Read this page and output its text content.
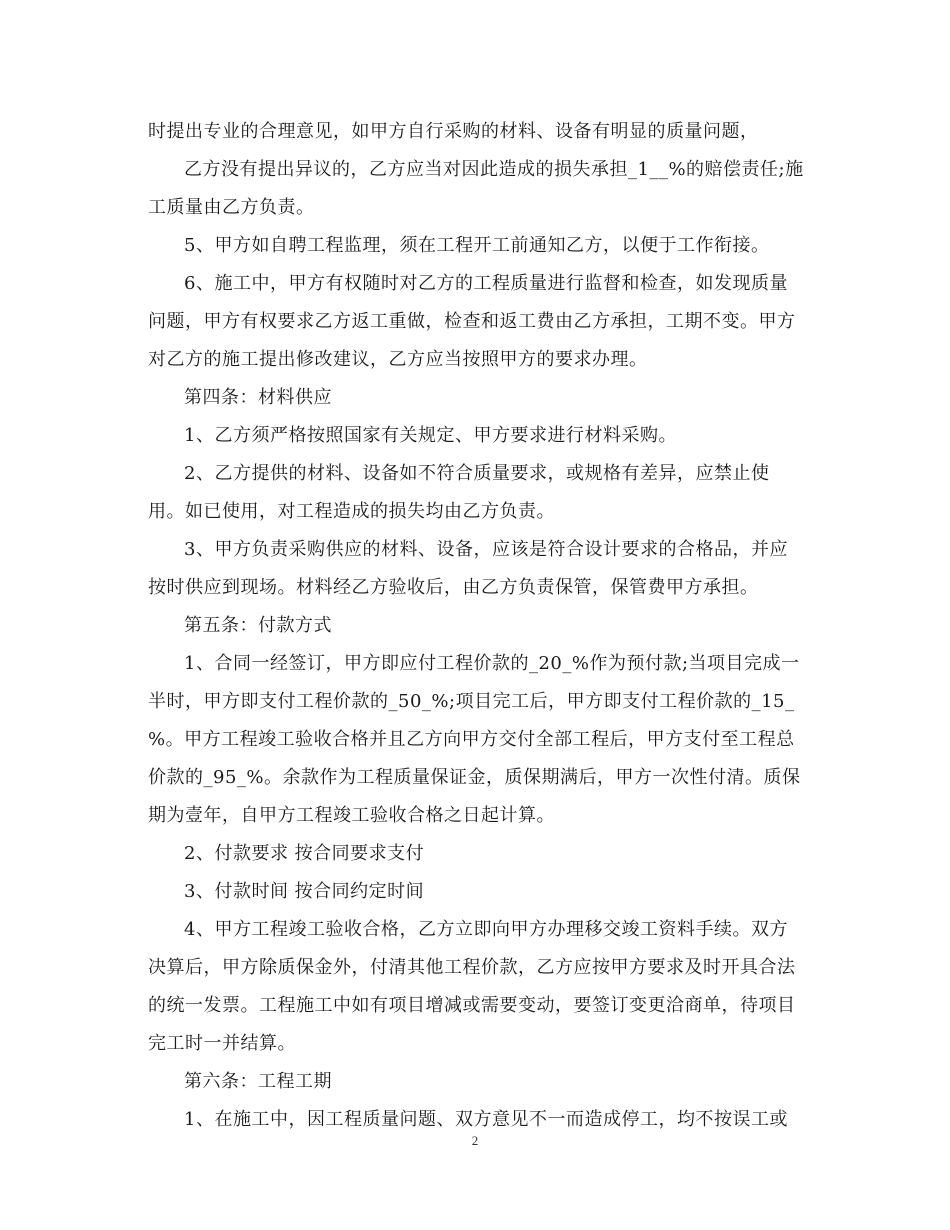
时提出专业的合理意见，如甲方自行采购的材料、设备有明显的质量问题，
乙方没有提出异议的，乙方应当对因此造成的损失承担_1__%的赔偿责任;施
工质量由乙方负责。
5、甲方如自聘工程监理，须在工程开工前通知乙方，以便于工作衔接。
6、施工中，甲方有权随时对乙方的工程质量进行监督和检查，如发现质量
问题，甲方有权要求乙方返工重做，检查和返工费由乙方承担，工期不变。甲方
对乙方的施工提出修改建议，乙方应当按照甲方的要求办理。
第四条：材料供应
1、乙方须严格按照国家有关规定、甲方要求进行材料采购。
2、乙方提供的材料、设备如不符合质量要求，或规格有差异，应禁止使
用。如已使用，对工程造成的损失均由乙方负责。
3、甲方负责采购供应的材料、设备，应该是符合设计要求的合格品，并应
按时供应到现场。材料经乙方验收后，由乙方负责保管，保管费甲方承担。
第五条：付款方式
1、合同一经签订，甲方即应付工程价款的_20_%作为预付款;当项目完成一
半时，甲方即支付工程价款的_50_%;项目完工后，甲方即支付工程价款的_15_
%。甲方工程竣工验收合格并且乙方向甲方交付全部工程后，甲方支付至工程总
价款的_95_%。余款作为工程质量保证金，质保期满后，甲方一次性付清。质保
期为壹年，自甲方工程竣工验收合格之日起计算。
2、付款要求 按合同要求支付
3、付款时间 按合同约定时间
4、甲方工程竣工验收合格，乙方立即向甲方办理移交竣工资料手续。双方
决算后，甲方除质保金外，付清其他工程价款，乙方应按甲方要求及时开具合法
的统一发票。工程施工中如有项目增减或需要变动，要签订变更洽商单，待项目
完工时一并结算。
第六条：工程工期
1、在施工中，因工程质量问题、双方意见不一而造成停工，均不按误工或
2
